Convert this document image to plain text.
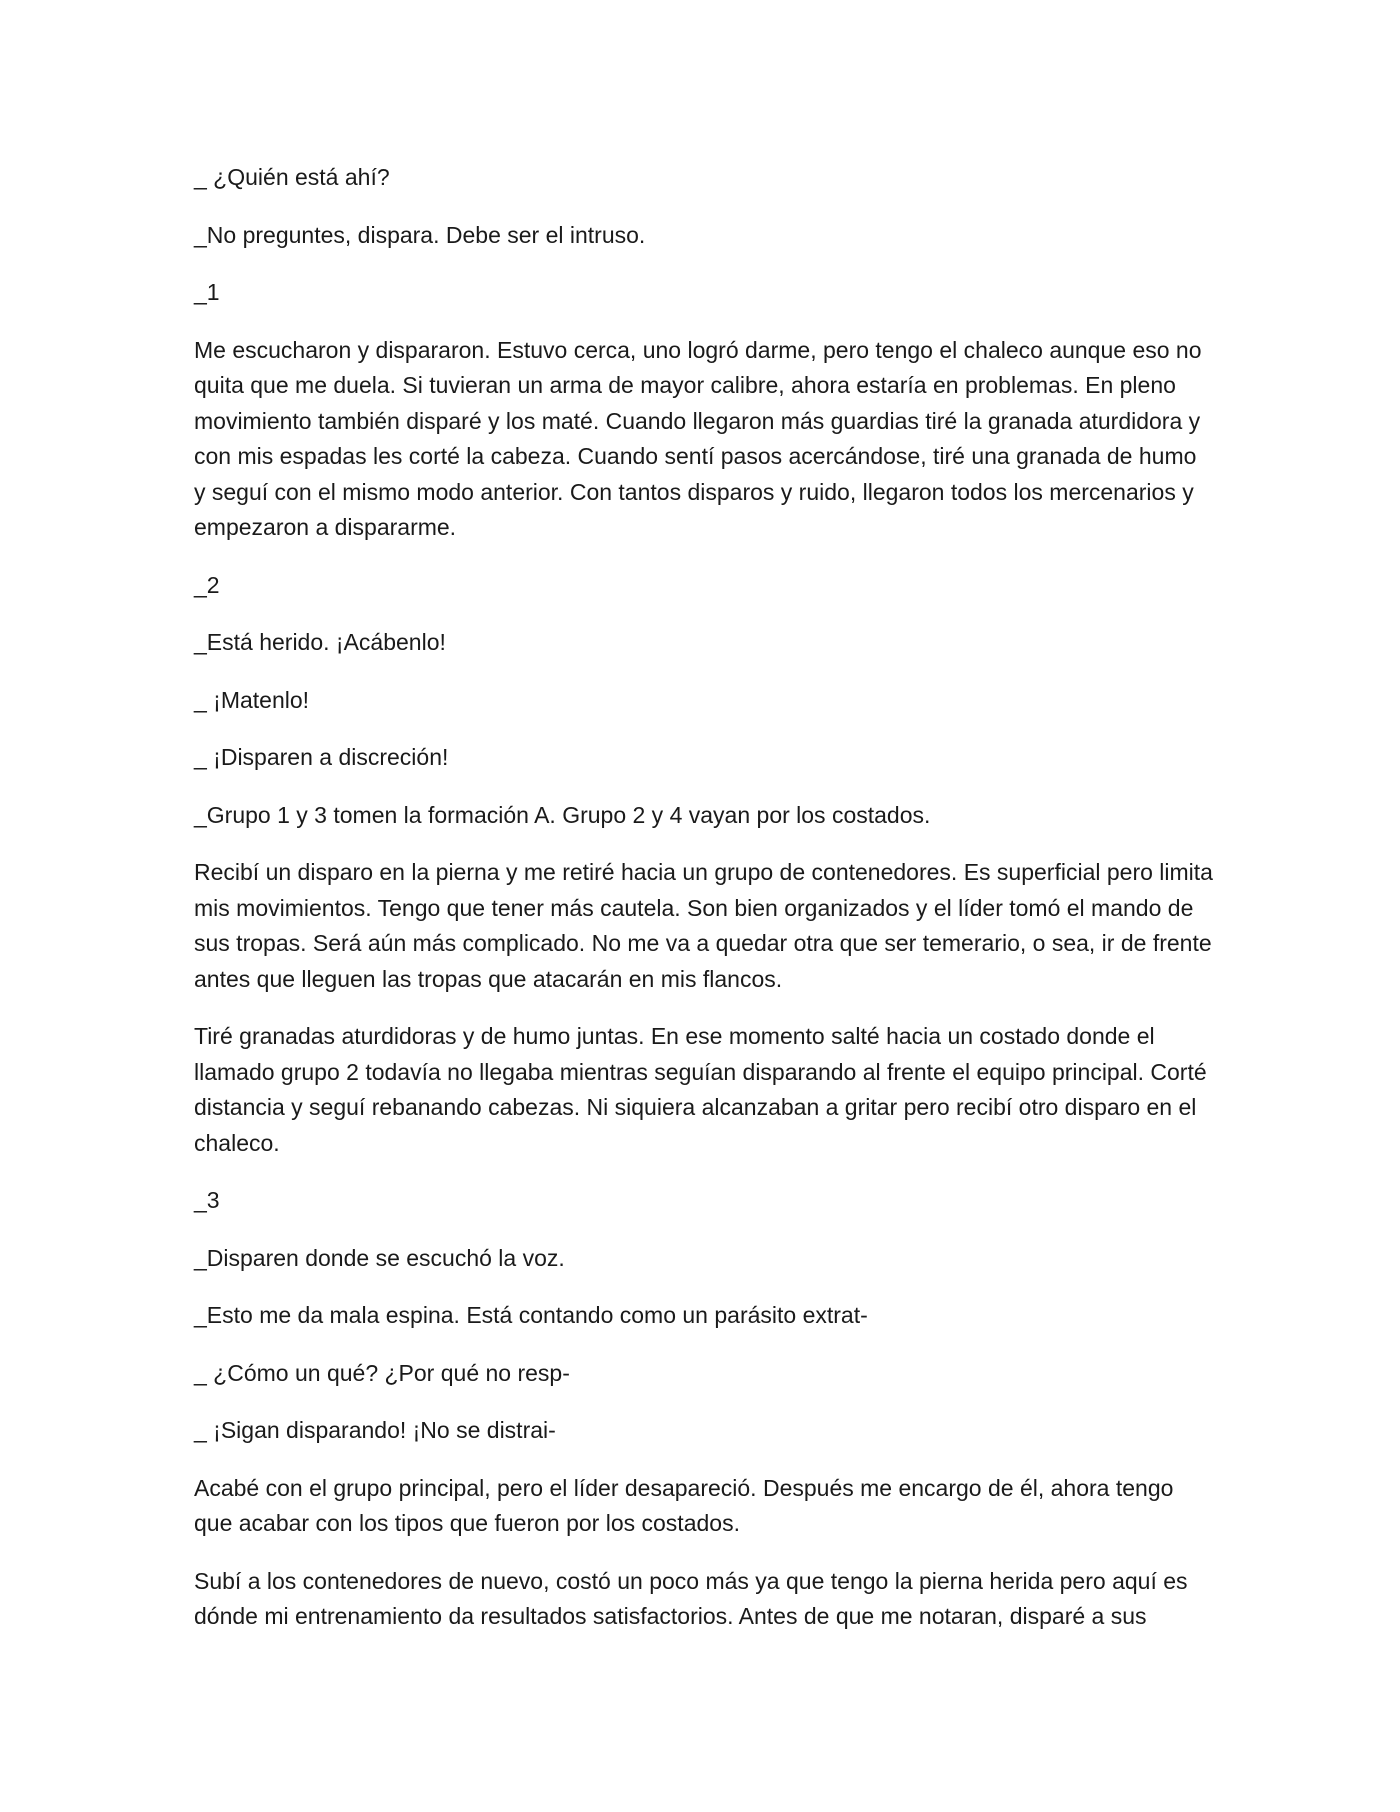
_ ¿Quién está ahí?

_No preguntes, dispara. Debe ser el intruso.

_1

Me escucharon y dispararon. Estuvo cerca, uno logró darme, pero tengo el chaleco aunque eso no quita que me duela. Si tuvieran un arma de mayor calibre, ahora estaría en problemas. En pleno movimiento también disparé y los maté. Cuando llegaron más guardias tiré la granada aturdidora y con mis espadas les corté la cabeza. Cuando sentí pasos acercándose, tiré una granada de humo y seguí con el mismo modo anterior. Con tantos disparos y ruido, llegaron todos los mercenarios y empezaron a dispararme.

_2

_Está herido. ¡Acábenlo!

_ ¡Matenlo!

_ ¡Disparen a discreción!

_Grupo 1 y 3 tomen la formación A. Grupo 2 y 4 vayan por los costados.

Recibí un disparo en la pierna y me retiré hacia un grupo de contenedores. Es superficial pero limita mis movimientos. Tengo que tener más cautela. Son bien organizados y el líder tomó el mando de sus tropas. Será aún más complicado. No me va a quedar otra que ser temerario, o sea, ir de frente antes que lleguen las tropas que atacarán en mis flancos.

Tiré granadas aturdidoras y de humo juntas. En ese momento salté hacia un costado donde el llamado grupo 2 todavía no llegaba mientras seguían disparando al frente el equipo principal. Corté distancia y seguí rebanando cabezas. Ni siquiera alcanzaban a gritar pero recibí otro disparo en el chaleco.

_3

_Disparen donde se escuchó la voz.

_Esto me da mala espina. Está contando como un parásito extrat-

_ ¿Cómo un qué? ¿Por qué no resp-

_ ¡Sigan disparando! ¡No se distrai-

Acabé con el grupo principal, pero el líder desapareció. Después me encargo de él, ahora tengo que acabar con los tipos que fueron por los costados.

Subí a los contenedores de nuevo, costó un poco más ya que tengo la pierna herida pero aquí es dónde mi entrenamiento da resultados satisfactorios. Antes de que me notaran, disparé a sus
